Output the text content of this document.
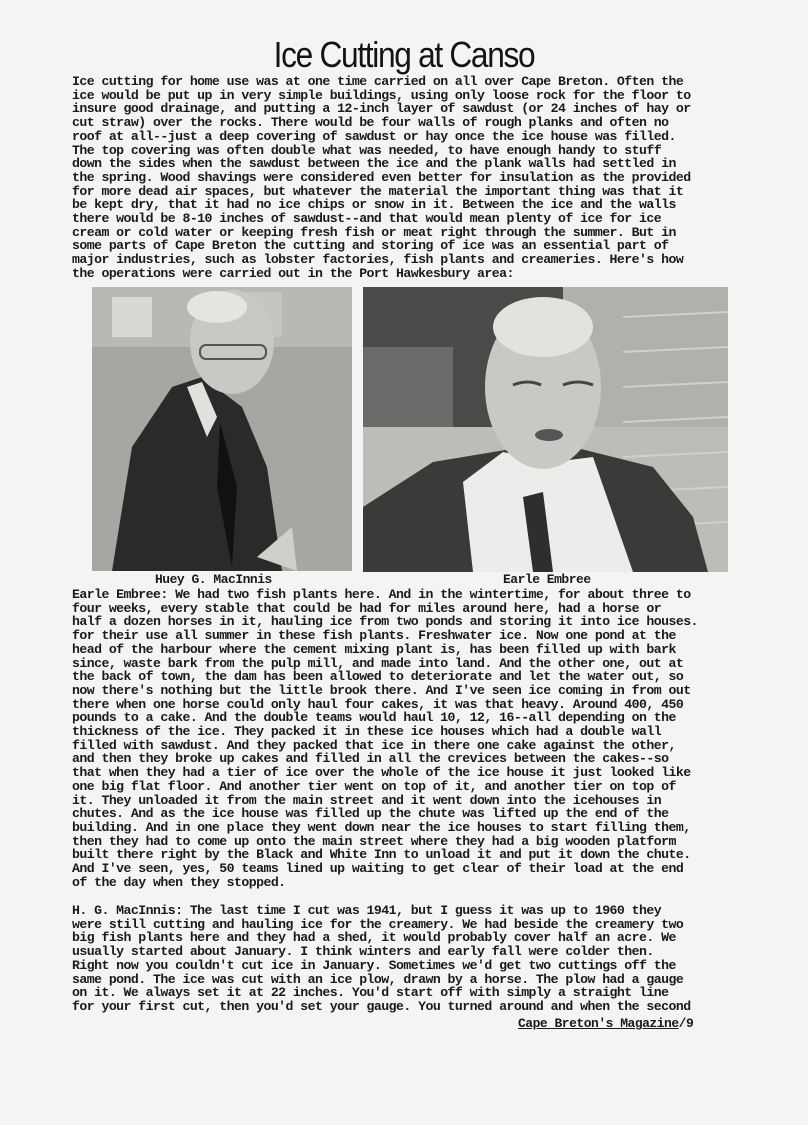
Ice Cutting at Canso
Ice cutting for home use was at one time carried on all over Cape Breton. Often the
ice would be put up in very simple buildings, using only loose rock for the floor to
insure good drainage, and putting a 12-inch layer of sawdust (or 24 inches of hay or
cut straw) over the rocks. There would be four walls of rough planks and often no
roof at all--just a deep covering of sawdust or hay once the ice house was filled.
The top covering was often double what was needed, to have enough handy to stuff
down the sides when the sawdust between the ice and the plank walls had settled in
the spring. Wood shavings were considered even better for insulation as the provided
for more dead air spaces, but whatever the material the important thing was that it
be kept dry, that it had no ice chips or snow in it. Between the ice and the walls
there would be 8-10 inches of sawdust--and that would mean plenty of ice for ice
cream or cold water or keeping fresh fish or meat right through the summer. But in
some parts of Cape Breton the cutting and storing of ice was an essential part of
major industries, such as lobster factories, fish plants and creameries. Here's how
the operations were carried out in the Port Hawkesbury area:
Huey G. MacInnis	Earle Embree
Earle Embree: We had two fish plants here. And in the wintertime, for about three to
four weeks, every stable that could be had for miles around here, had a horse or
half a dozen horses in it, hauling ice from two ponds and storing it into ice houses.
for their use all summer in these fish plants. Freshwater ice. Now one pond at the
head of the harbour where the cement mixing plant is, has been filled up with bark
since, waste bark from the pulp mill, and made into land. And the other one, out at
the back of town, the dam has been allowed to deteriorate and let the water out, so
now there's nothing but the little brook there. And I've seen ice coming in from out
there when one horse could only haul four cakes, it was that heavy. Around 400, 450
pounds to a cake. And the double teams would haul 10, 12, 16--all depending on the
thickness of the ice. They packed it in these ice houses which had a double wall
filled with sawdust. And they packed that ice in there one cake against the other,
and then they broke up cakes and filled in all the crevices between the cakes--so
that when they had a tier of ice over the whole of the ice house it just looked like
one big flat floor. And another tier went on top of it, and another tier on top of
it. They unloaded it from the main street and it went down into the icehouses in
chutes. And as the ice house was filled up the chute was lifted up the end of the
building. And in one place they went down near the ice houses to start filling them,
then they had to come up onto the main street where they had a big wooden platform
built there right by the Black and White Inn to unload it and put it down the chute.
And I've seen, yes, 50 teams lined up waiting to get clear of their load at the end
of the day when they stopped.
H. G. MacInnis: The last time I cut was 1941, but I guess it was up to 1960 they
were still cutting and hauling ice for the creamery. We had beside the creamery two
big fish plants here and they had a shed, it would probably cover half an acre. We
usually started about January. I think winters and early fall were colder then.
Right now you couldn't cut ice in January. Sometimes we'd get two cuttings off the
same pond. The ice was cut with an ice plow, drawn by a horse. The plow had a gauge
on it. We always set it at 22 inches. You'd start off with simply a straight line
for your first cut, then you'd set your gauge. You turned around and when the second
Cape Breton's Magazine/9
